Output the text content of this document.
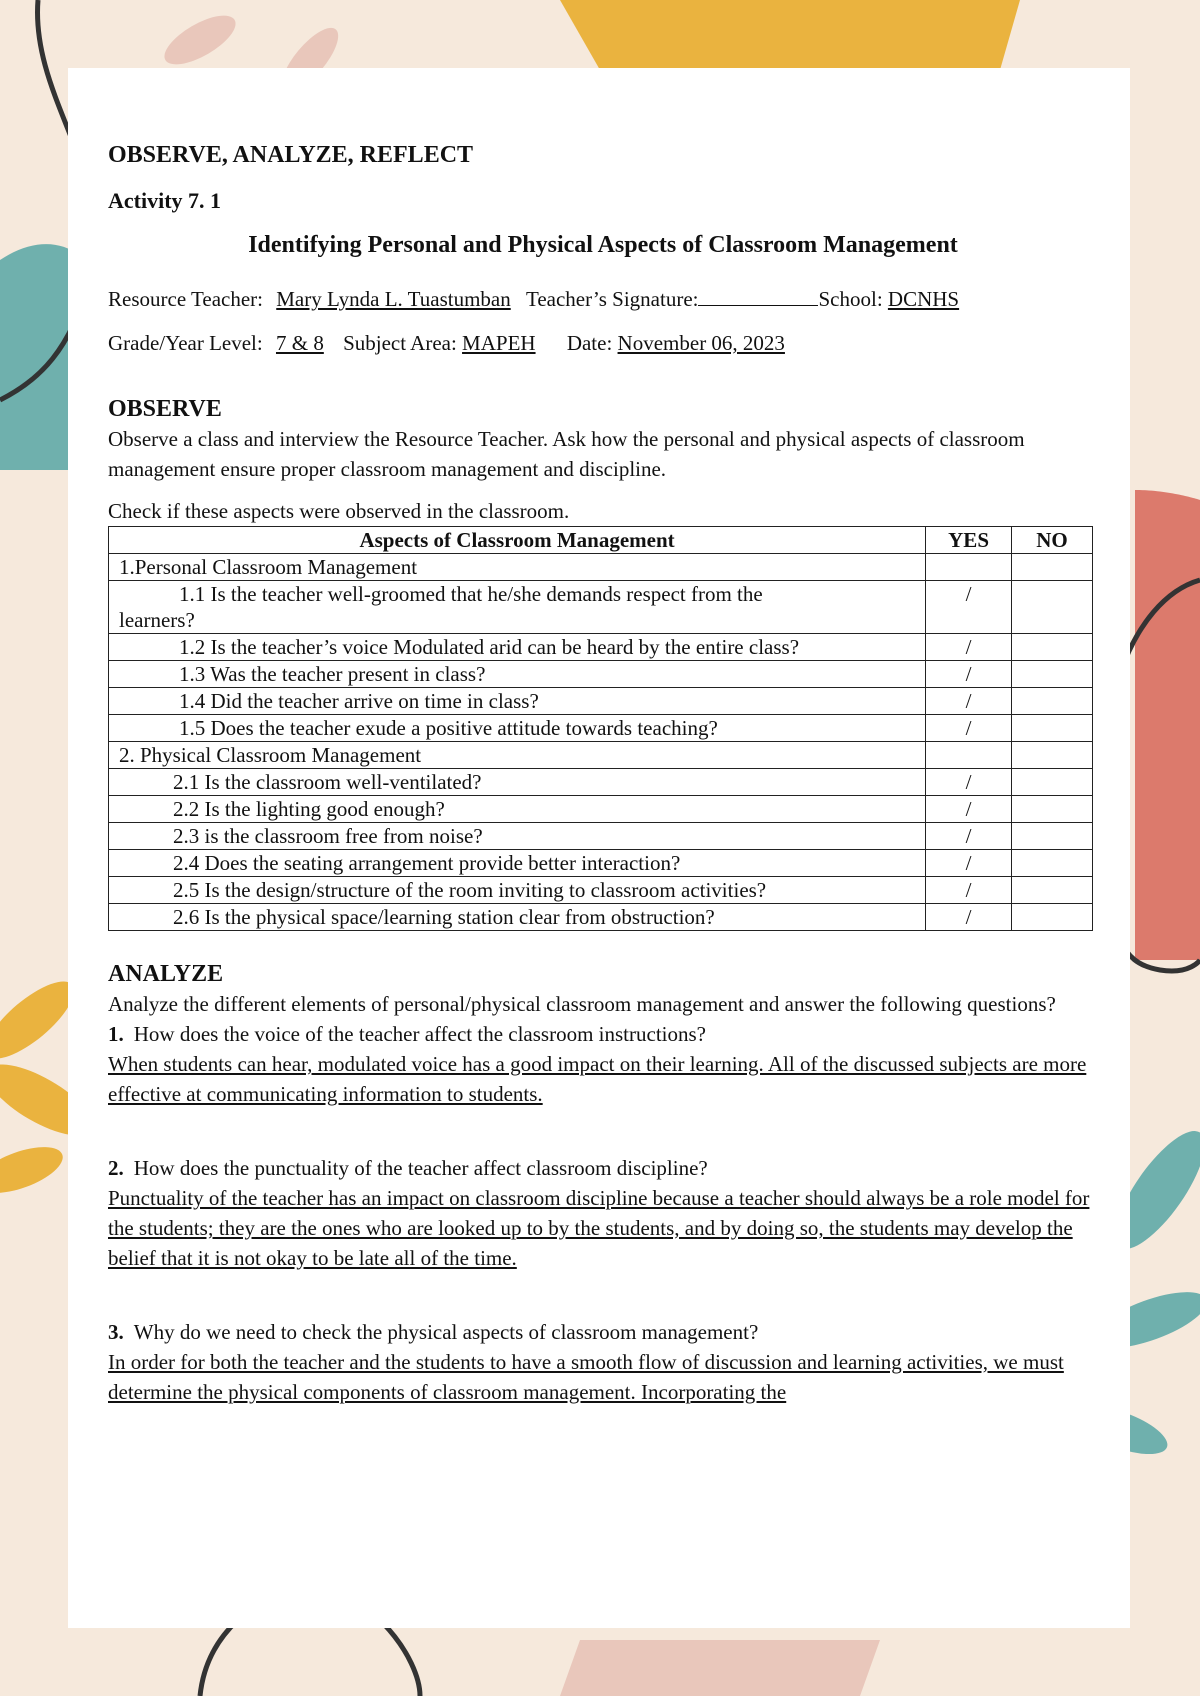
OBSERVE, ANALYZE, REFLECT
Activity 7. 1
Identifying Personal and Physical Aspects of Classroom Management
Resource Teacher: Mary Lynda L. Tuastumban Teacher’s Signature:	School: DCNHS
Grade/Year Level: 7 & 8 Subject Area: MAPEH Date: November 06, 2023
OBSERVE

Observe a class and interview the Resource Teacher. Ask how the personal and physical aspects of classroom management ensure proper classroom management and discipline.

Check if these aspects were observed in the classroom.

Aspects of Classroom Management	YES	NO
1.Personal Classroom Management		

1.1 Is the teacher well-groomed that he/she demands respect from the
learners?	/	

1.2 Is the teacher’s voice Modulated arid can be heard by the entire class?	/	

1.3 Was the teacher present in class?	/	

1.4 Did the teacher arrive on time in class?	/	

1.5 Does the teacher exude a positive attitude towards teaching?	/	
2. Physical Classroom Management		

2.1 Is the classroom well-ventilated?	/	

2.2 Is the lighting good enough?	/	

2.3 is the classroom free from noise?	/	

2.4 Does the seating arrangement provide better interaction?	/	

2.5 Is the design/structure of the room inviting to classroom activities?	/	

2.6 Is the physical space/learning station clear from obstruction?	/	
ANALYZE

Analyze the different elements of personal/physical classroom management and answer the following questions?

1. How does the voice of the teacher affect the classroom instructions?

When students can hear, modulated voice has a good impact on their learning. All of the discussed subjects are more effective at communicating information to students.

2. How does the punctuality of the teacher affect classroom discipline?

Punctuality of the teacher has an impact on classroom discipline because a teacher should always be a role model for the students; they are the ones who are looked up to by the students, and by doing so, the students may develop the belief that it is not okay to be late all of the time.

3. Why do we need to check the physical aspects of classroom management?

In order for both the teacher and the students to have a smooth flow of discussion and learning activities, we must determine the physical components of classroom management. Incorporating the
